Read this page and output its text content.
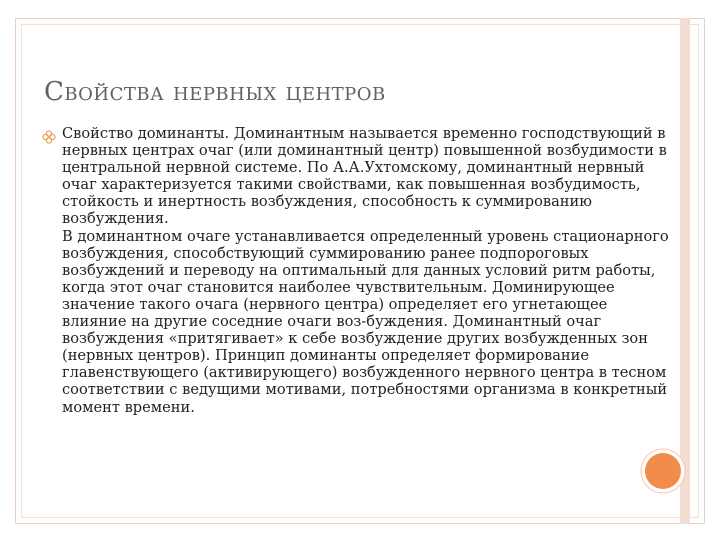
Свойства нервных центров

Свойство доминанты. Доминантным называется временно господствующий в нервных центрах очаг (или доминантный центр) повышенной возбудимости в центральной нервной системе. По А.А.Ухтомскому, доминантный нервный очаг характеризуется такими свойствами, как повышенная возбудимость, стойкость и инертность возбуждения, способность к суммированию возбуждения.

В доминантном очаге устанавливается определенный уровень стационарного возбуждения, способствующий суммированию ранее подпороговых возбуждений и переводу на оптимальный для данных условий ритм работы, когда этот очаг становится наиболее чувствительным. Доминирующее значение такого очага (нервного центра) определяет его угнетающее влияние на другие соседние очаги воз-буждения. Доминантный очаг возбуждения «притягивает» к себе возбуждение других возбужденных зон (нервных центров). Принцип доминанты определяет формирование главенствующего (активирующего) возбужденного нервного центра в тесном соответствии с ведущими мотивами, потребностями организма в конкретный момент времени.
